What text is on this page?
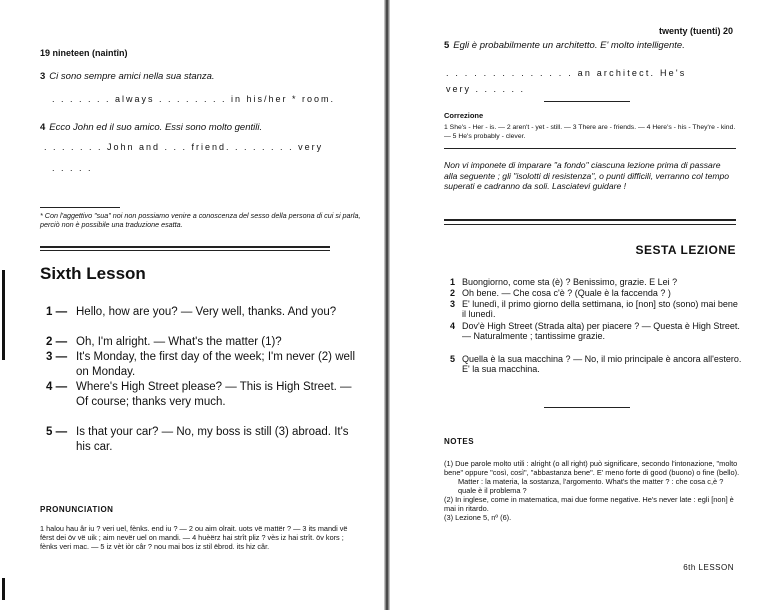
19 nineteen (naintîn)
3 Ci sono sempre amici nella sua stanza.
. . . . . . . always . . . . . . . . in his/her * room.
4 Ecco John ed il suo amico. Essi sono molto gentili.
. . . . . . . John and . . . friend. . . . . . . . very
. . . . .
* Con l'aggettivo "sua" noi non possiamo venire a conoscenza del sesso della persona di cui si parla, perciò non è possibile una traduzione esatta.
Sixth Lesson
1 — Hello, how are you? — Very well, thanks. And you?
2 — Oh, I'm alright. — What's the matter (1)?
3 — It's Monday, the first day of the week; I'm never (2) well on Monday.
4 — Where's High Street please? — This is High Street. — Of course; thanks very much.
5 — Is that your car? — No, my boss is still (3) abroad. It's his car.
PRONUNCIATION
1 halou hau âr iu ? veri uel, fènks. end iu ? — 2 ou aim olrait. uots vë mattër ? — 3 its mandi vë fërst dei öv vë uik ; aim nevër uel on mandi. — 4 huèërz hai strît pliz ? vès iz hai strît. öv kors ; fènks veri mac. — 5 iz vèt iòr câr ? nou mai bos iz stil ëbrod. its hiz câr.
twenty (tuenti) 20
5 Egli è probabilmente un architetto. E' molto intelligente.
. . . . . . . . . . . . . . an architect. He's
very . . . . . .
Correzione
1 She's - Her - is. — 2 aren't - yet - still. — 3 There are - friends. — 4 Here's - his - They're - kind. — 5 He's probably - clever.
Non vi imponete di imparare "a fondo" ciascuna lezione prima di passare alla seguente ; gli "isolotti di resistenza", o punti difficili, verranno col tempo superati e cadranno da soli. Lasciatevi guidare !
SESTA LEZIONE
1 Buongiorno, come sta (è) ? Benissimo, grazie. E Lei ?
2 Oh bene. — Che cosa c'è ? (Quale è la faccenda ? )
3 E' lunedì, il primo giorno della settimana, io [non] sto (sono) mai bene il lunedì.
4 Dov'è High Street (Strada alta) per piacere ? — Questa è High Street. — Naturalmente ; tantissime grazie.
5 Quella è la sua macchina ? — No, il mio principale è ancora all'estero. E' la sua macchina.
NOTES
(1) Due parole molto utili : alright (o all right) può significare, secondo l'intonazione, "molto bene" oppure "così, così", "abbastanza bene". E' meno forte di good (buono) o fine (bello).
Matter : la materia, la sostanza, l'argomento. What's the matter ? : che cosa c,è ? quale è il problema ?
(2) In inglese, come in matematica, mai due forme negative. He's never late : egli [non] è mai in ritardo.
(3) Lezione 5, nº (6).
6th LESSON
